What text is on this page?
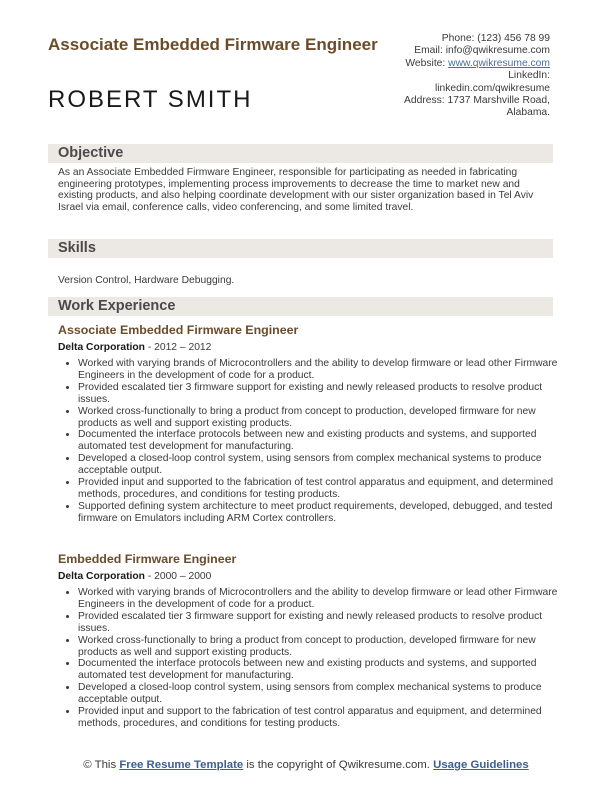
Associate Embedded Firmware Engineer
ROBERT SMITH
Phone: (123) 456 78 99
Email: info@qwikresume.com
Website: www.qwikresume.com
LinkedIn:
linkedin.com/qwikresume
Address: 1737 Marshville Road,
Alabama.
Objective
As an Associate Embedded Firmware Engineer, responsible for participating as needed in fabricating engineering prototypes, implementing process improvements to decrease the time to market new and existing products, and also helping coordinate development with our sister organization based in Tel Aviv Israel via email, conference calls, video conferencing, and some limited travel.
Skills
Version Control, Hardware Debugging.
Work Experience
Associate Embedded Firmware Engineer
Delta Corporation - 2012 – 2012
• Worked with varying brands of Microcontrollers and the ability to develop firmware or lead other Firmware Engineers in the development of code for a product.
• Provided escalated tier 3 firmware support for existing and newly released products to resolve product issues.
• Worked cross-functionally to bring a product from concept to production, developed firmware for new products as well and support existing products.
• Documented the interface protocols between new and existing products and systems, and supported automated test development for manufacturing.
• Developed a closed-loop control system, using sensors from complex mechanical systems to produce acceptable output.
• Provided input and supported to the fabrication of test control apparatus and equipment, and determined methods, procedures, and conditions for testing products.
• Supported defining system architecture to meet product requirements, developed, debugged, and tested firmware on Emulators including ARM Cortex controllers.
Embedded Firmware Engineer
Delta Corporation - 2000 – 2000
• Worked with varying brands of Microcontrollers and the ability to develop firmware or lead other Firmware Engineers in the development of code for a product.
• Provided escalated tier 3 firmware support for existing and newly released products to resolve product issues.
• Worked cross-functionally to bring a product from concept to production, developed firmware for new products as well and support existing products.
• Documented the interface protocols between new and existing products and systems, and supported automated test development for manufacturing.
• Developed a closed-loop control system, using sensors from complex mechanical systems to produce acceptable output.
• Provided input and support to the fabrication of test control apparatus and equipment, and determined methods, procedures, and conditions for testing products.
© This Free Resume Template is the copyright of Qwikresume.com. Usage Guidelines
